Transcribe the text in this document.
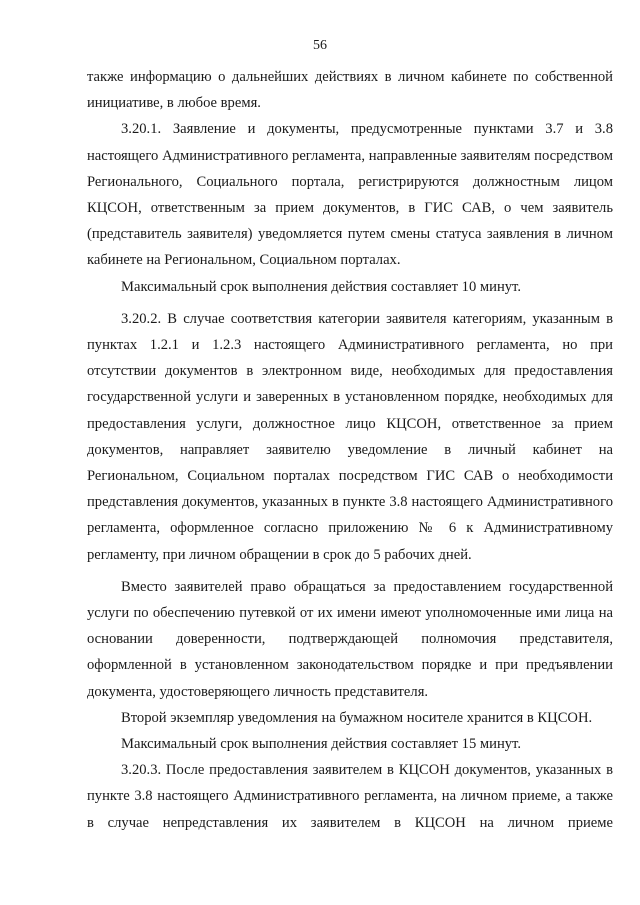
56

также информацию о дальнейших действиях в личном кабинете по собственной инициативе, в любое время.

3.20.1. Заявление и документы, предусмотренные пунктами 3.7 и 3.8 настоящего Административного регламента, направленные заявителям посредством Регионального, Социального портала, регистрируются должностным лицом КЦСОН, ответственным за прием документов, в ГИС САВ, о чем заявитель (представитель заявителя) уведомляется путем смены статуса заявления в личном кабинете на Региональном, Социальном порталах.

Максимальный срок выполнения действия составляет 10 минут.

3.20.2. В случае соответствия категории заявителя категориям, указанным в пунктах 1.2.1 и 1.2.3 настоящего Административного регламента, но при отсутствии документов в электронном виде, необходимых для предоставления государственной услуги и заверенных в установленном порядке, необходимых для предоставления услуги, должностное лицо КЦСОН, ответственное за прием документов, направляет заявителю уведомление в личный кабинет на Региональном, Социальном порталах посредством ГИС САВ о необходимости представления документов, указанных в пункте 3.8 настоящего Административного регламента, оформленное согласно приложению № 6 к Административному регламенту, при личном обращении в срок до 5 рабочих дней.

Вместо заявителей право обращаться за предоставлением государственной услуги по обеспечению путевкой от их имени имеют уполномоченные ими лица на основании доверенности, подтверждающей полномочия представителя, оформленной в установленном законодательством порядке и при предъявлении документа, удостоверяющего личность представителя.

Второй экземпляр уведомления на бумажном носителе хранится в КЦСОН.

Максимальный срок выполнения действия составляет 15 минут.

3.20.3. После предоставления заявителем в КЦСОН документов, указанных в пункте 3.8 настоящего Административного регламента, на личном приеме, а также в случае непредставления их заявителем в КЦСОН на личном приеме
